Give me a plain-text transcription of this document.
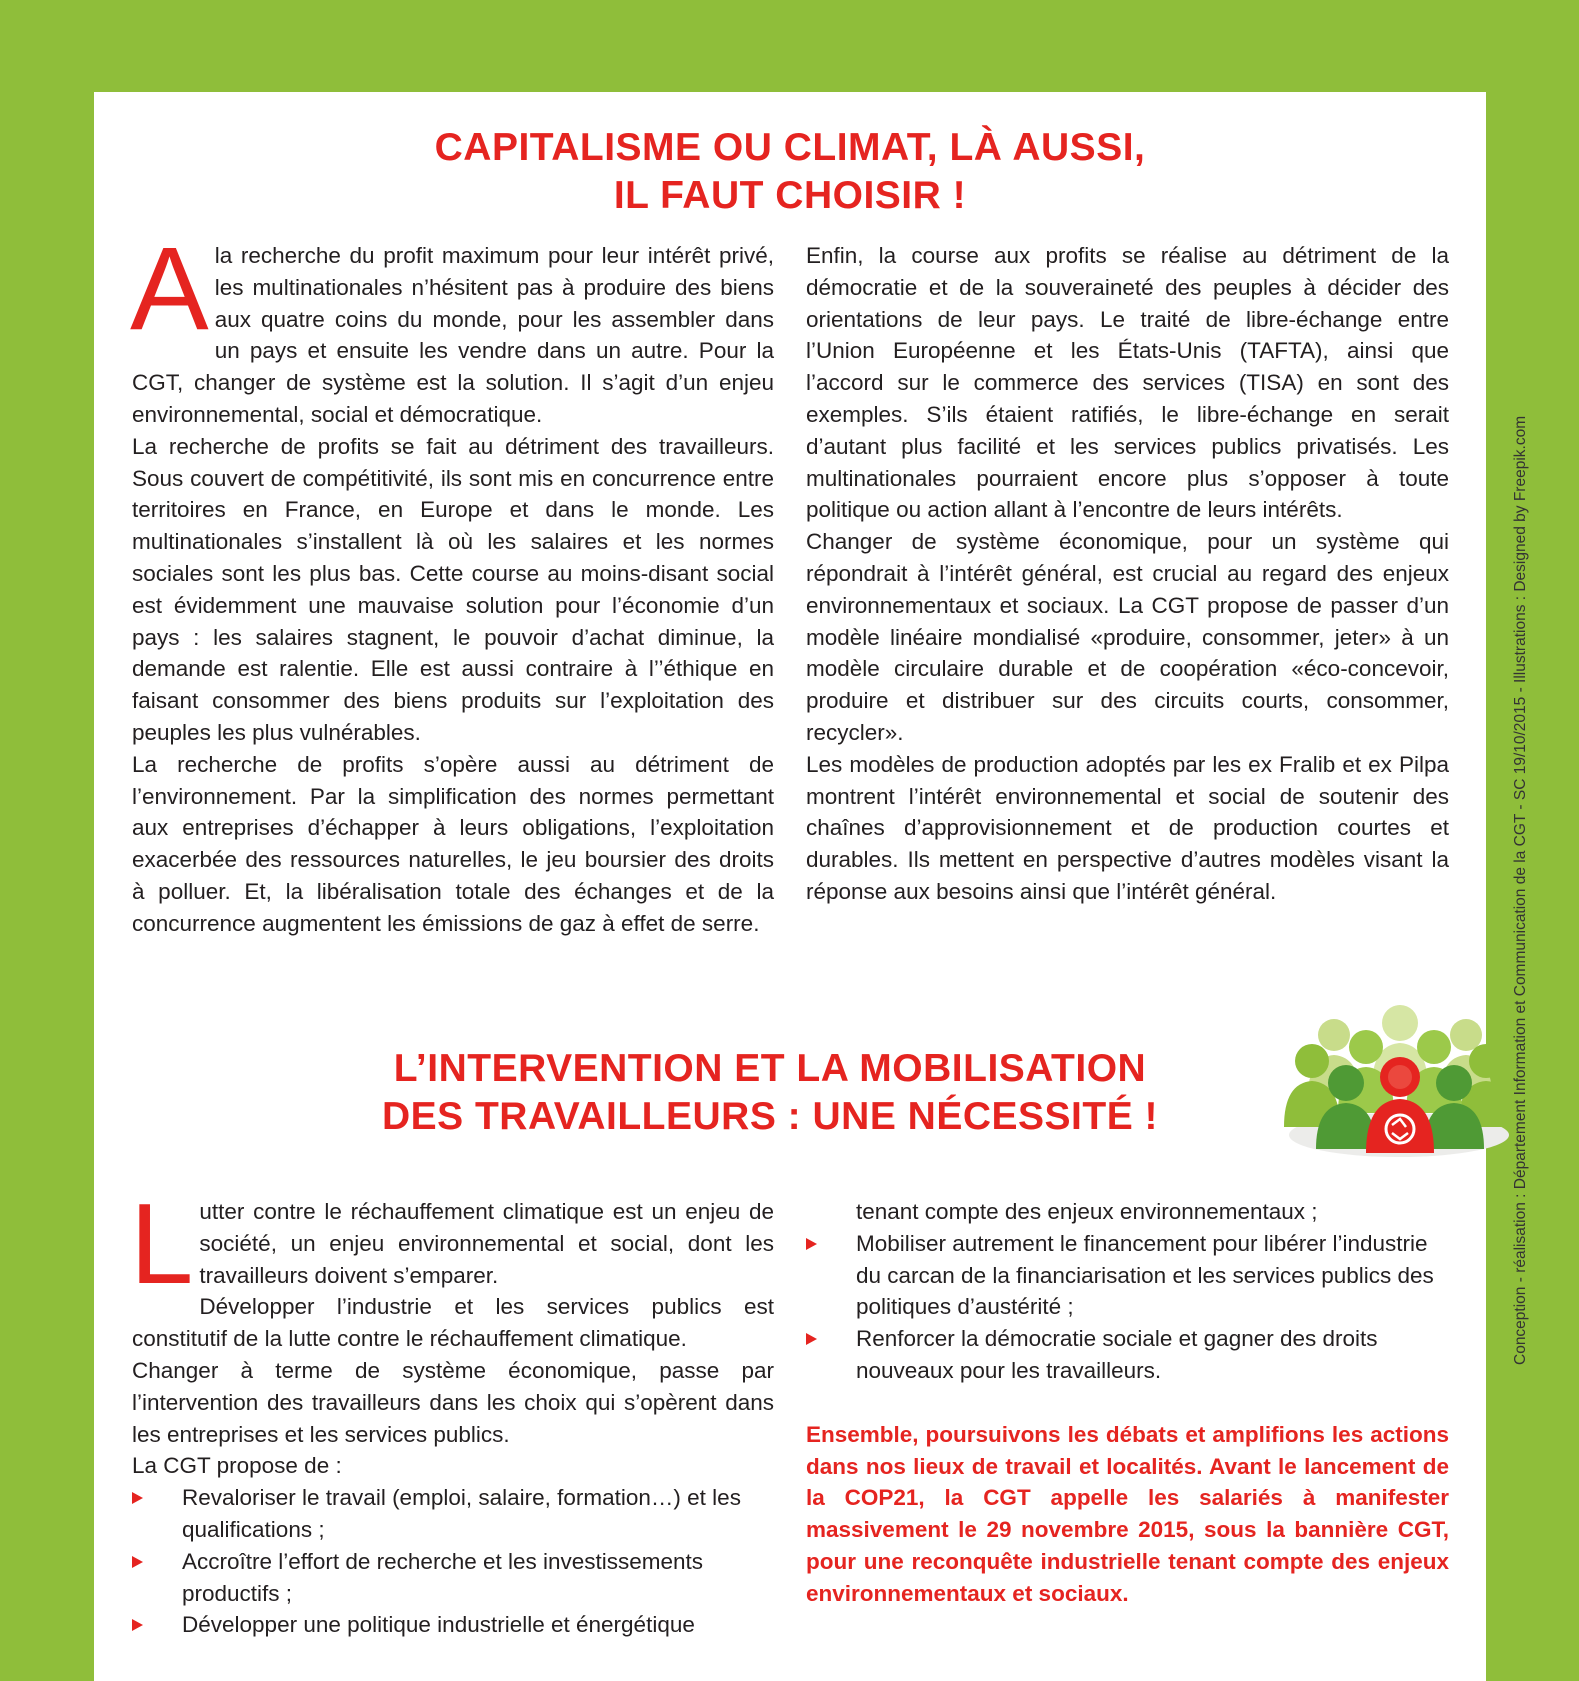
CAPITALISME OU CLIMAT, LÀ AUSSI,
IL FAUT CHOISIR !
A la recherche du profit maximum pour leur intérêt privé, les multinationales n’hésitent pas à produire des biens aux quatre coins du monde, pour les assembler dans un pays et ensuite les vendre dans un autre. Pour la CGT, changer de système est la solution. Il s’agit d’un enjeu environnemental, social et démocratique.

La recherche de profits se fait au détriment des travailleurs. Sous couvert de compétitivité, ils sont mis en concurrence entre territoires en France, en Europe et dans le monde. Les multinationales s’installent là où les salaires et les normes sociales sont les plus bas. Cette course au moins-disant social est évidemment une mauvaise solution pour l’économie d’un pays : les salaires stagnent, le pouvoir d’achat diminue, la demande est ralentie. Elle est aussi contraire à l’’éthique en faisant consommer des biens produits sur l’exploitation des peuples les plus vulnérables.

La recherche de profits s’opère aussi au détriment de l’environnement. Par la simplification des normes permettant aux entreprises d’échapper à leurs obligations, l’exploitation exacerbée des ressources naturelles, le jeu boursier des droits à polluer. Et, la libéralisation totale des échanges et de la concurrence augmentent les émissions de gaz à effet de serre.

Enfin, la course aux profits se réalise au détriment de la démocratie et de la souveraineté des peuples à décider des orientations de leur pays. Le traité de libre-échange entre l’Union Européenne et les États-Unis (TAFTA), ainsi que l’accord sur le commerce des services (TISA) en sont des exemples. S’ils étaient ratifiés, le libre-échange en serait d’autant plus facilité et les services publics privatisés. Les multinationales pourraient encore plus s’opposer à toute politique ou action allant à l’encontre de leurs intérêts.

Changer de système économique, pour un système qui répondrait à l’intérêt général, est crucial au regard des enjeux environnementaux et sociaux. La CGT propose de passer d’un modèle linéaire mondialisé «produire, consommer, jeter» à un modèle circulaire durable et de coopération «éco-concevoir, produire et distribuer sur des circuits courts, consommer, recycler».

Les modèles de production adoptés par les ex Fralib et ex Pilpa montrent l’intérêt environnemental et social de soutenir des chaînes d’approvisionnement et de production courtes et durables. Ils mettent en perspective d’autres modèles visant la réponse aux besoins ainsi que l’intérêt général.

L’INTERVENTION ET LA MOBILISATION
DES TRAVAILLEURS : UNE NÉCESSITÉ !
L utter contre le réchauffement climatique est un enjeu de société, un enjeu environnemental et social, dont les travailleurs doivent s’emparer.

Développer l’industrie et les services publics est constitutif de la lutte contre le réchauffement climatique.

Changer à terme de système économique, passe par l’intervention des travailleurs dans les choix qui s’opèrent dans les entreprises et les services publics.

La CGT propose de :

Revaloriser le travail (emploi, salaire, formation…) et les qualifications ;

Accroître l’effort de recherche et les investissements productifs ;

Développer une politique industrielle et énergétique

tenant compte des enjeux environnementaux ;

Mobiliser autrement le financement pour libérer l’industrie du carcan de la financiarisation et les services publics des politiques d’austérité ;

Renforcer la démocratie sociale et gagner des droits nouveaux pour les travailleurs.

Ensemble, poursuivons les débats et amplifions les actions dans nos lieux de travail et localités. Avant le lancement de la COP21, la CGT appelle les salariés à manifester massivement le 29 novembre 2015, sous la bannière CGT, pour une reconquête industrielle tenant compte des enjeux environnementaux et sociaux.

Conception - réalisation : Département Information et Communication de la CGT - SC 19/10/2015 - Illustrations : Designed by Freepik.com
